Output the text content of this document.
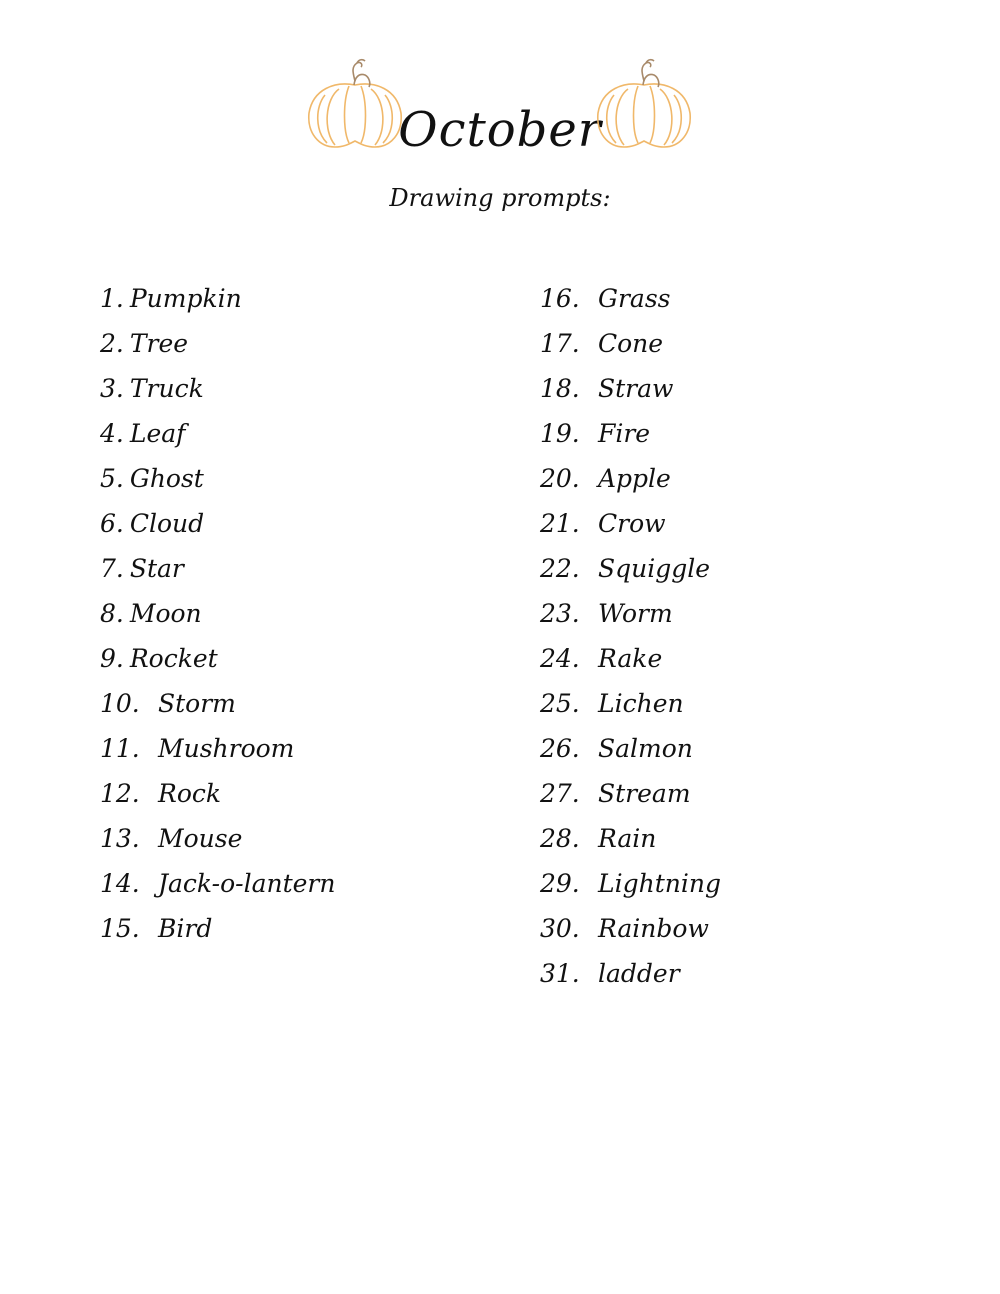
October
Drawing prompts:
1. Pumpkin
2. Tree
3. Truck
4. Leaf
5. Ghost
6. Cloud
7. Star
8. Moon
9. Rocket
10. Storm
11. Mushroom
12. Rock
13. Mouse
14. Jack-o-lantern
15. Bird
16. Grass
17. Cone
18. Straw
19. Fire
20. Apple
21. Crow
22. Squiggle
23. Worm
24. Rake
25. Lichen
26. Salmon
27. Stream
28. Rain
29. Lightning
30. Rainbow
31. ladder
